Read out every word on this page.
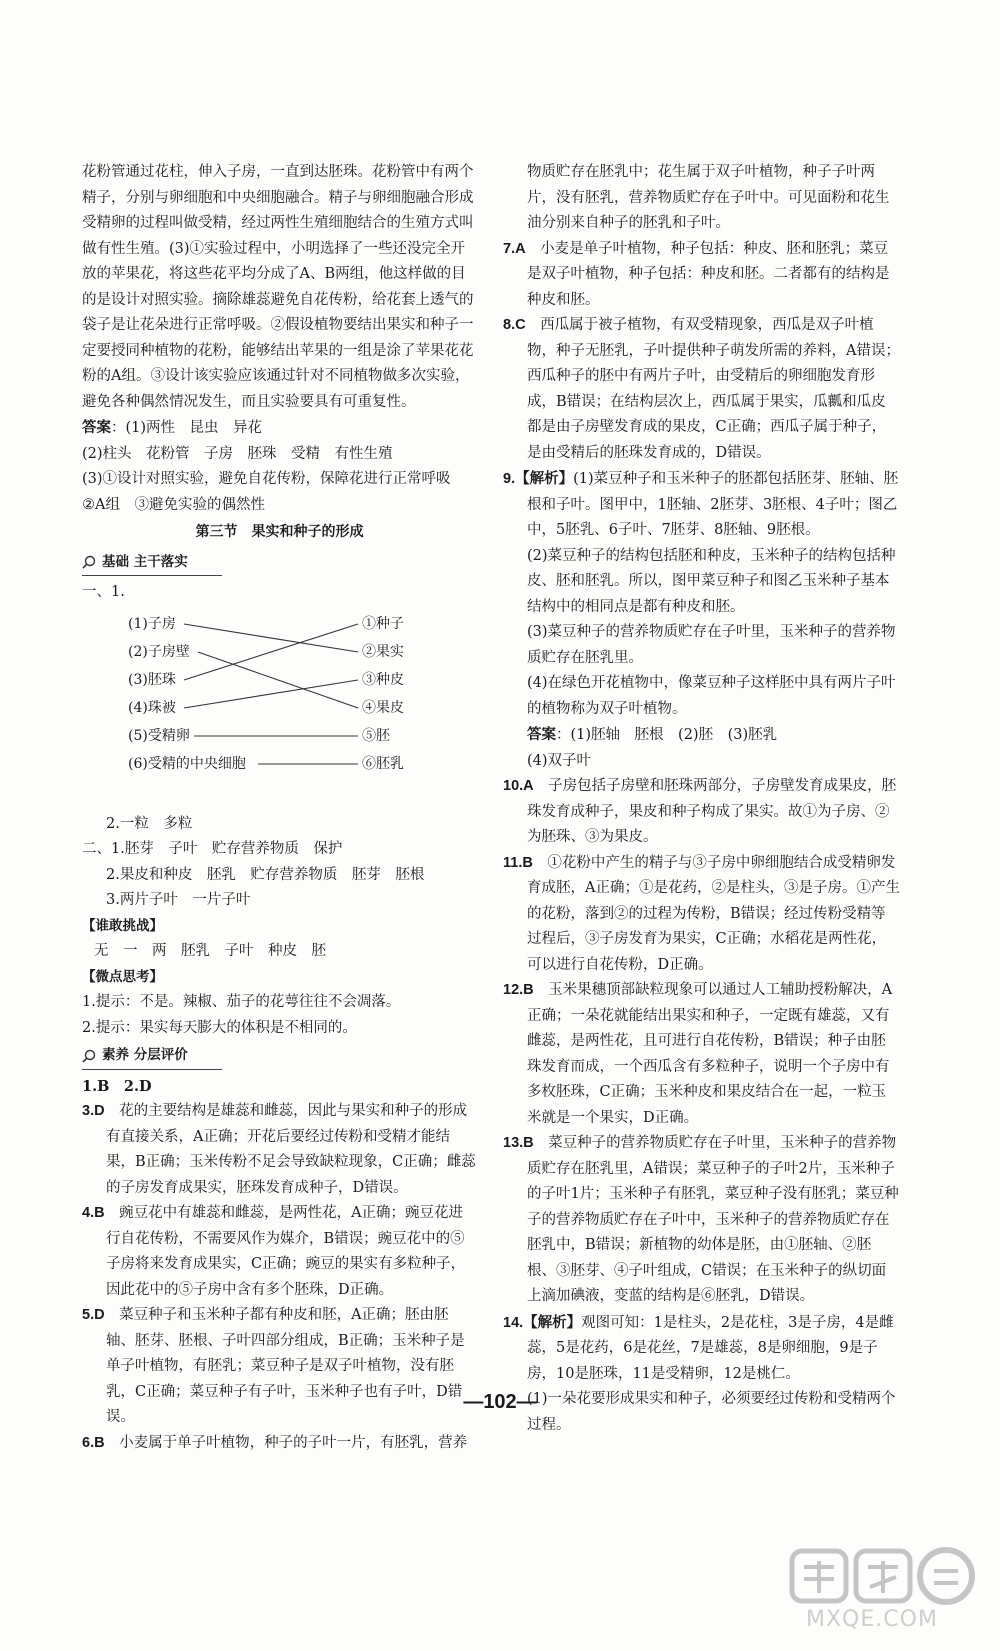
花粉管通过花柱，伸入子房，一直到达胚珠。花粉管中有两个精子，分别与卵细胞和中央细胞融合。精子与卵细胞融合形成受精卵的过程叫做受精，经过两性生殖细胞结合的生殖方式叫做有性生殖。(3)①实验过程中，小明选择了一些还没完全开放的苹果花，将这些花平均分成了A、B两组，他这样做的目的是设计对照实验。摘除雄蕊避免自花传粉，给花套上透气的袋子是让花朵进行正常呼吸。②假设植物要结出果实和种子一定要授同种植物的花粉，能够结出苹果的一组是涂了苹果花花粉的A组。③设计该实验应该通过针对不同植物做多次实验，避免各种偶然情况发生，而且实验要具有可重复性。

答案：(1)两性　昆虫　异花

(2)柱头　花粉管　子房　胚珠　受精　有性生殖

(3)①设计对照实验，避免自花传粉，保障花进行正常呼吸

②A组　③避免实验的偶然性

第三节　果实和种子的形成

基础 主干落实

一、1.

(1)子房
(2)子房壁
(3)胚珠
(4)珠被
(5)受精卵
(6)受精的中央细胞
①种子
②果实
③种皮
④果皮
⑤胚
⑥胚乳

2.一粒　多粒

二、1.胚芽　子叶　贮存营养物质　保护

2.果皮和种皮　胚乳　贮存营养物质　胚芽　胚根

3.两片子叶　一片子叶

【谁敢挑战】

无　一　两　胚乳　子叶　种皮　胚

【微点思考】

1.提示：不是。辣椒、茄子的花萼往往不会凋落。

2.提示：果实每天膨大的体积是不相同的。

素养 分层评价

1.B　2.D

3.D　 花的主要结构是雄蕊和雌蕊，因此与果实和种子的形成有直接关系，A正确；开花后要经过传粉和受精才能结果，B正确；玉米传粉不足会导致缺粒现象，C正确；雌蕊的子房发育成果实，胚珠发育成种子，D错误。

4.B　 豌豆花中有雄蕊和雌蕊，是两性花，A正确；豌豆花进行自花传粉，不需要风作为媒介，B错误；豌豆花中的⑤子房将来发育成果实，C正确；豌豆的果实有多粒种子，因此花中的⑤子房中含有多个胚珠，D正确。

5.D　 菜豆种子和玉米种子都有种皮和胚，A正确；胚由胚轴、胚芽、胚根、子叶四部分组成，B正确；玉米种子是单子叶植物，有胚乳；菜豆种子是双子叶植物，没有胚乳，C正确；菜豆种子有子叶，玉米种子也有子叶，D错误。

6.B　 小麦属于单子叶植物，种子的子叶一片，有胚乳，营养

物质贮存在胚乳中；花生属于双子叶植物，种子子叶两片，没有胚乳，营养物质贮存在子叶中。可见面粉和花生油分别来自种子的胚乳和子叶。

7.A　 小麦是单子叶植物，种子包括：种皮、胚和胚乳；菜豆是双子叶植物，种子包括：种皮和胚。二者都有的结构是种皮和胚。

8.C　 西瓜属于被子植物，有双受精现象，西瓜是双子叶植物，种子无胚乳，子叶提供种子萌发所需的养料，A错误；西瓜种子的胚中有两片子叶，由受精后的卵细胞发育形成，B错误；在结构层次上，西瓜属于果实，瓜瓤和瓜皮都是由子房壁发育成的果皮，C正确；西瓜子属于种子，是由受精后的胚珠发育成的，D错误。

9.【解析】(1)菜豆种子和玉米种子的胚都包括胚芽、胚轴、胚根和子叶。图甲中，1胚轴、2胚芽、3胚根、4子叶；图乙中，5胚乳、6子叶、7胚芽、8胚轴、9胚根。

(2)菜豆种子的结构包括胚和种皮，玉米种子的结构包括种皮、胚和胚乳。所以，图甲菜豆种子和图乙玉米种子基本结构中的相同点是都有种皮和胚。

(3)菜豆种子的营养物质贮存在子叶里，玉米种子的营养物质贮存在胚乳里。

(4)在绿色开花植物中，像菜豆种子这样胚中具有两片子叶的植物称为双子叶植物。

答案：(1)胚轴　胚根　(2)胚　(3)胚乳

(4)双子叶

10.A　 子房包括子房壁和胚珠两部分，子房壁发育成果皮，胚珠发育成种子，果皮和种子构成了果实。故①为子房、②为胚珠、③为果皮。

11.B　 ①花粉中产生的精子与③子房中卵细胞结合成受精卵发育成胚，A正确；①是花药，②是柱头，③是子房。①产生的花粉，落到②的过程为传粉，B错误；经过传粉受精等过程后，③子房发育为果实，C正确；水稻花是两性花，可以进行自花传粉，D正确。

12.B　 玉米果穗顶部缺粒现象可以通过人工辅助授粉解决，A正确；一朵花就能结出果实和种子，一定既有雄蕊，又有雌蕊，是两性花，且可进行自花传粉，B错误；种子由胚珠发育而成，一个西瓜含有多粒种子，说明一个子房中有多枚胚珠，C正确；玉米种皮和果皮结合在一起，一粒玉米就是一个果实，D正确。

13.B　 菜豆种子的营养物质贮存在子叶里，玉米种子的营养物质贮存在胚乳里，A错误；菜豆种子的子叶2片，玉米种子的子叶1片；玉米种子有胚乳，菜豆种子没有胚乳；菜豆种子的营养物质贮存在子叶中，玉米种子的营养物质贮存在胚乳中，B错误；新植物的幼体是胚，由①胚轴、②胚根、③胚芽、④子叶组成，C错误；在玉米种子的纵切面上滴加碘液，变蓝的结构是⑥胚乳，D错误。

14.【解析】观图可知：1是柱头，2是花柱，3是子房，4是雌蕊，5是花药，6是花丝，7是雄蕊，8是卵细胞，9是子房，10是胚珠，11是受精卵，12是桃仁。

(1)一朵花要形成果实和种子，必须要经过传粉和受精两个过程。

—102—
MXQE.COM
